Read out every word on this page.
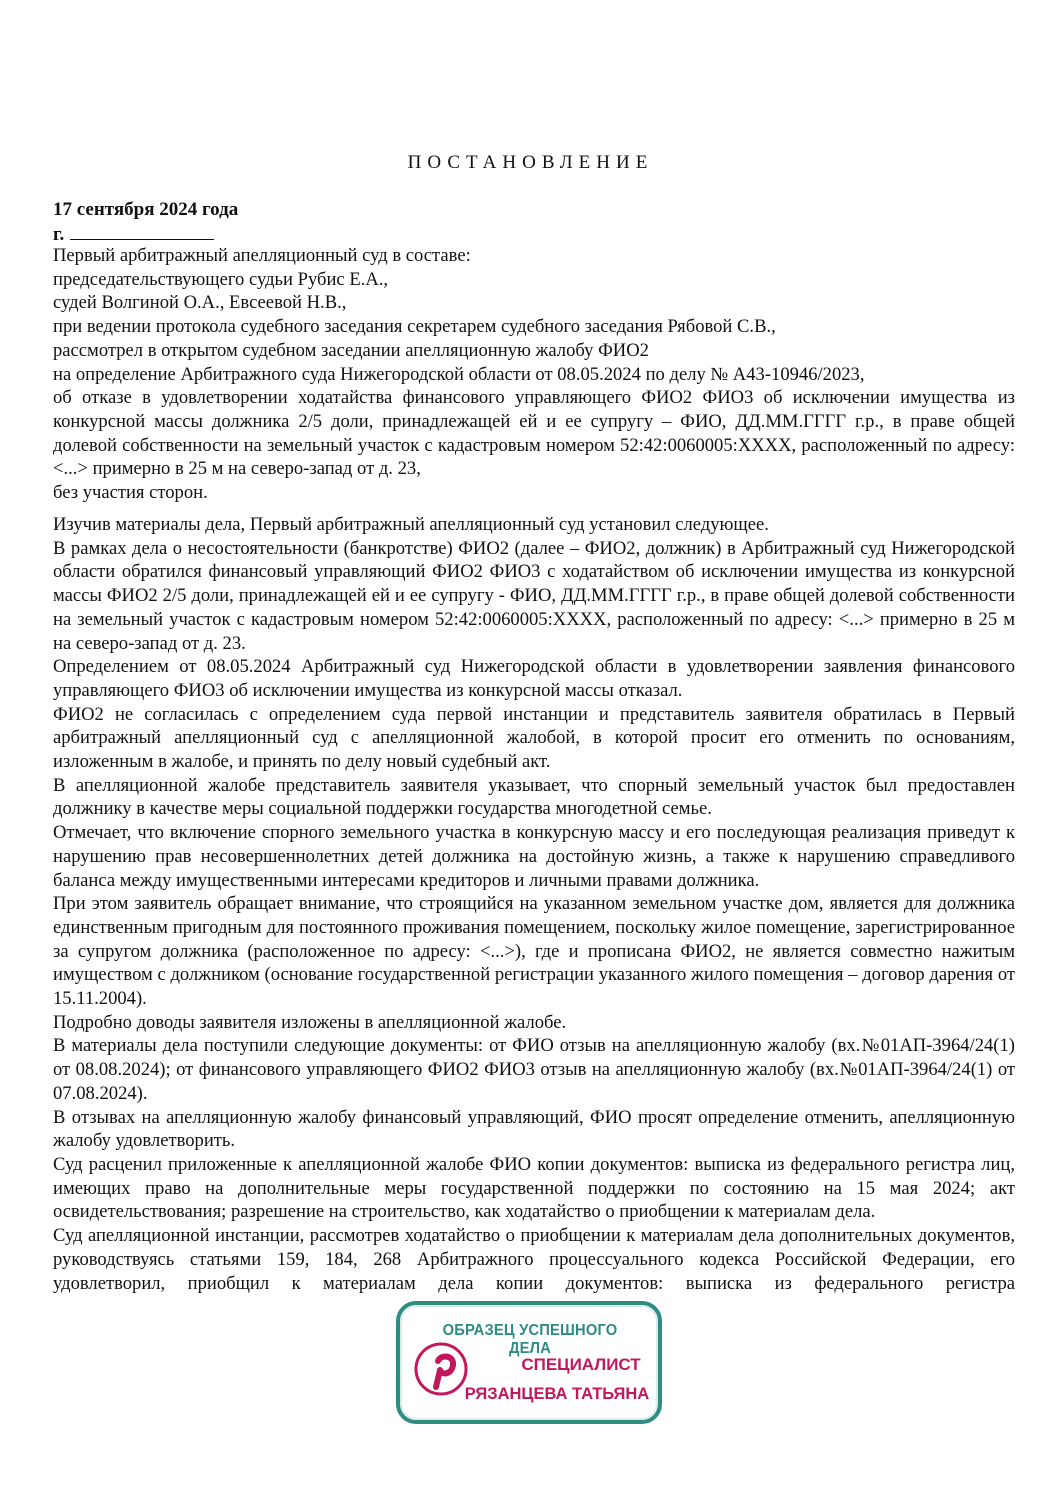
ПОСТАНОВЛЕНИЕ
17 сентября 2024 года
г.

Первый арбитражный апелляционный суд в составе:

председательствующего судьи Рубис Е.А.,

судей Волгиной О.А., Евсеевой Н.В.,

при ведении протокола судебного заседания секретарем судебного заседания Рябовой С.В.,

рассмотрел в открытом судебном заседании апелляционную жалобу ФИО2

на определение Арбитражного суда Нижегородской области от 08.05.2024 по делу № А43-10946/2023,

об отказе в удовлетворении ходатайства финансового управляющего ФИО2 ФИО3 об исключении имущества из конкурсной массы должника 2/5 доли, принадлежащей ей и ее супругу – ФИО, ДД.ММ.ГГГГ г.р., в праве общей долевой собственности на земельный участок с кадастровым номером 52:42:0060005:ХХХХ, расположенный по адресу: <...> примерно в 25 м на северо-запад от д. 23,

без участия сторон.

Изучив материалы дела, Первый арбитражный апелляционный суд установил следующее.

В рамках дела о несостоятельности (банкротстве) ФИО2 (далее – ФИО2, должник) в Арбитражный суд Нижегородской области обратился финансовый управляющий ФИО2 ФИО3 с ходатайством об исключении имущества из конкурсной массы ФИО2 2/5 доли, принадлежащей ей и ее супругу - ФИО, ДД.ММ.ГГГГ г.р., в праве общей долевой собственности на земельный участок с кадастровым номером 52:42:0060005:ХХХХ, расположенный по адресу: <...> примерно в 25 м на северо-запад от д. 23.

Определением от 08.05.2024 Арбитражный суд Нижегородской области в удовлетворении заявления финансового управляющего ФИО3 об исключении имущества из конкурсной массы отказал.

ФИО2 не согласилась с определением суда первой инстанции и представитель заявителя обратилась в Первый арбитражный апелляционный суд с апелляционной жалобой, в которой просит его отменить по основаниям, изложенным в жалобе, и принять по делу новый судебный акт.

В апелляционной жалобе представитель заявителя указывает, что спорный земельный участок был предоставлен должнику в качестве меры социальной поддержки государства многодетной семье.

Отмечает, что включение спорного земельного участка в конкурсную массу и его последующая реализация приведут к нарушению прав несовершеннолетних детей должника на достойную жизнь, а также к нарушению справедливого баланса между имущественными интересами кредиторов и личными правами должника.

При этом заявитель обращает внимание, что строящийся на указанном земельном участке дом, является для должника единственным пригодным для постоянного проживания помещением, поскольку жилое помещение, зарегистрированное за супругом должника (расположенное по адресу: <...>), где и прописана ФИО2, не является совместно нажитым имуществом с должником (основание государственной регистрации указанного жилого помещения – договор дарения от 15.11.2004).

Подробно доводы заявителя изложены в апелляционной жалобе.

В материалы дела поступили следующие документы: от ФИО отзыв на апелляционную жалобу (вх.№01АП-3964/24(1) от 08.08.2024); от финансового управляющего ФИО2 ФИО3 отзыв на апелляционную жалобу (вх.№01АП-3964/24(1) от 07.08.2024).

В отзывах на апелляционную жалобу финансовый управляющий, ФИО просят определение отменить, апелляционную жалобу удовлетворить.

Суд расценил приложенные к апелляционной жалобе ФИО копии документов: выписка из федерального регистра лиц, имеющих право на дополнительные меры государственной поддержки по состоянию на 15 мая 2024; акт освидетельствования; разрешение на строительство, как ходатайство о приобщении к материалам дела.

Суд апелляционной инстанции, рассмотрев ходатайство о приобщении к материалам дела дополнительных документов, руководствуясь статьями 159, 184, 268 Арбитражного процессуального кодекса Российской Федерации, его удовлетворил, приобщил к материалам дела копии документов: выписка из федерального регистра

ОБРАЗЕЦ УСПЕШНОГО ДЕЛА
СПЕЦИАЛИСТ
РЯЗАНЦЕВА ТАТЬЯНА
